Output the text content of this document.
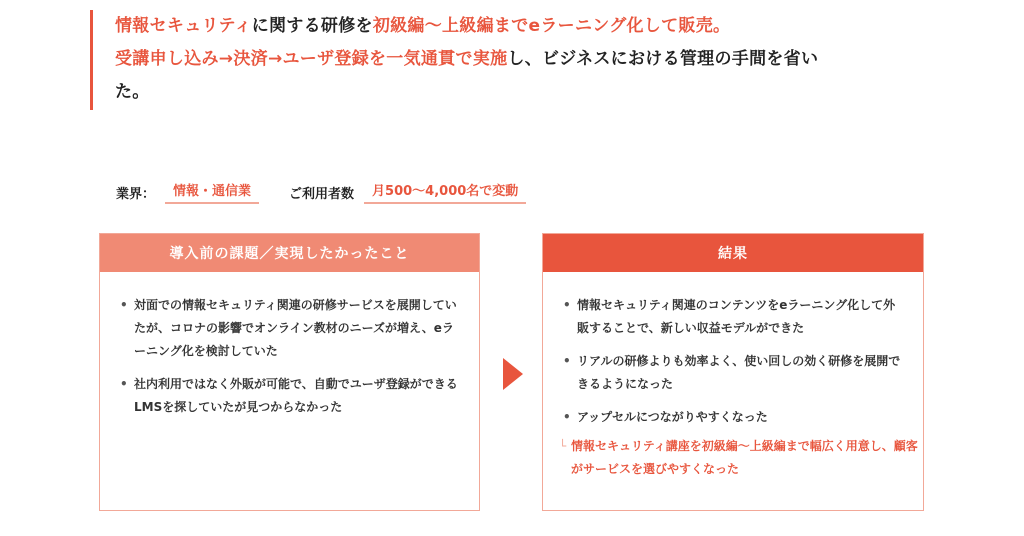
情報セキュリティに関する研修を初級編〜上級編までeラーニング化して販売。

受講申し込み→決済→ユーザ登録を一気通貫で実施し、ビジネスにおける管理の手間を省い

た。

業界：	情報・通信業	ご利用者数	月500〜4,000名で変動
導入前の課題／実現したかったこと
• 対面での情報セキュリティ関連の研修サービスを展開していたが、コロナの影響でオンライン教材のニーズが増え、eラーニング化を検討していた
• 社内利用ではなく外販が可能で、自動でユーザ登録ができるLMSを探していたが見つからなかった
結果
• 情報セキュリティ関連のコンテンツをeラーニング化して外販することで、新しい収益モデルができた
• リアルの研修よりも効率よく、使い回しの効く研修を展開できるようになった
• アップセルにつながりやすくなった
└ 情報セキュリティ講座を初級編〜上級編まで幅広く用意し、顧客がサービスを選びやすくなった
